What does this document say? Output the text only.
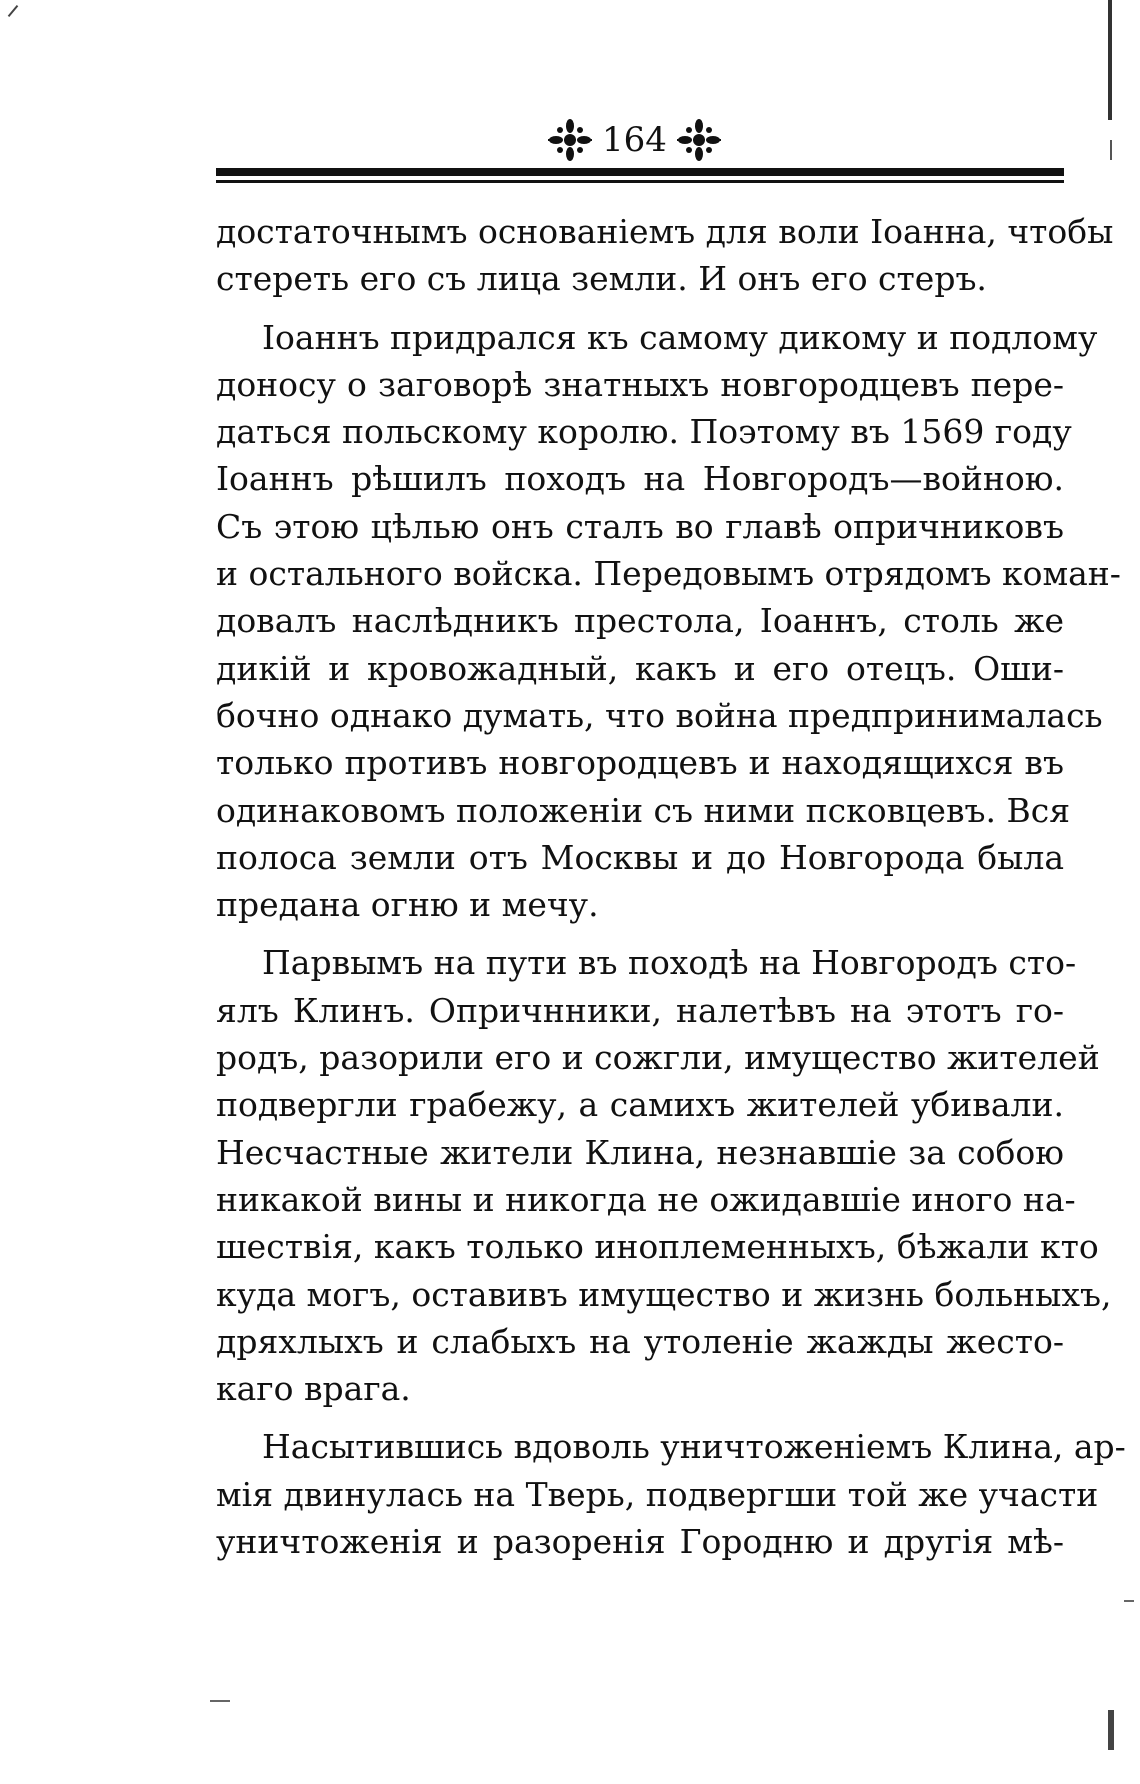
164

достаточнымъ основаніемъ для воли Іоанна, чтобы
стереть его съ лица земли. И онъ его стеръ.

Іоаннъ придрался къ самому дикому и подлому
доносу о заговорѣ знатныхъ новгородцевъ пере-
даться польскому королю. Поэтому въ 1569 году
Іоаннъ рѣшилъ походъ на Новгородъ—войною.
Съ этою цѣлью онъ сталъ во главѣ опричниковъ
и остального войска. Передовымъ отрядомъ коман-
довалъ наслѣдникъ престола, Іоаннъ, столь же
дикій и кровожадный, какъ и его отецъ. Оши-
бочно однако думать, что война предпринималась
только противъ новгородцевъ и находящихся въ
одинаковомъ положеніи съ ними псковцевъ. Вся
полоса земли отъ Москвы и до Новгорода была
предана огню и мечу.

Парвымъ на пути въ походѣ на Новгородъ сто-
ялъ Клинъ. Опричнники, налетѣвъ на этотъ го-
родъ, разорили его и сожгли, имущество жителей
подвергли грабежу, а самихъ жителей убивали.
Несчастные жители Клина, незнавшіе за собою
никакой вины и никогда не ожидавшіе иного на-
шествія, какъ только иноплеменныхъ, бѣжали кто
куда могъ, оставивъ имущество и жизнь больныхъ,
дряхлыхъ и слабыхъ на утоленіе жажды жесто-
каго врага.

Насытившись вдоволь уничтоженіемъ Клина, ар-
мія двинулась на Тверь, подвергши той же участи
уничтоженія и разоренія Городню и другія мѣ-
